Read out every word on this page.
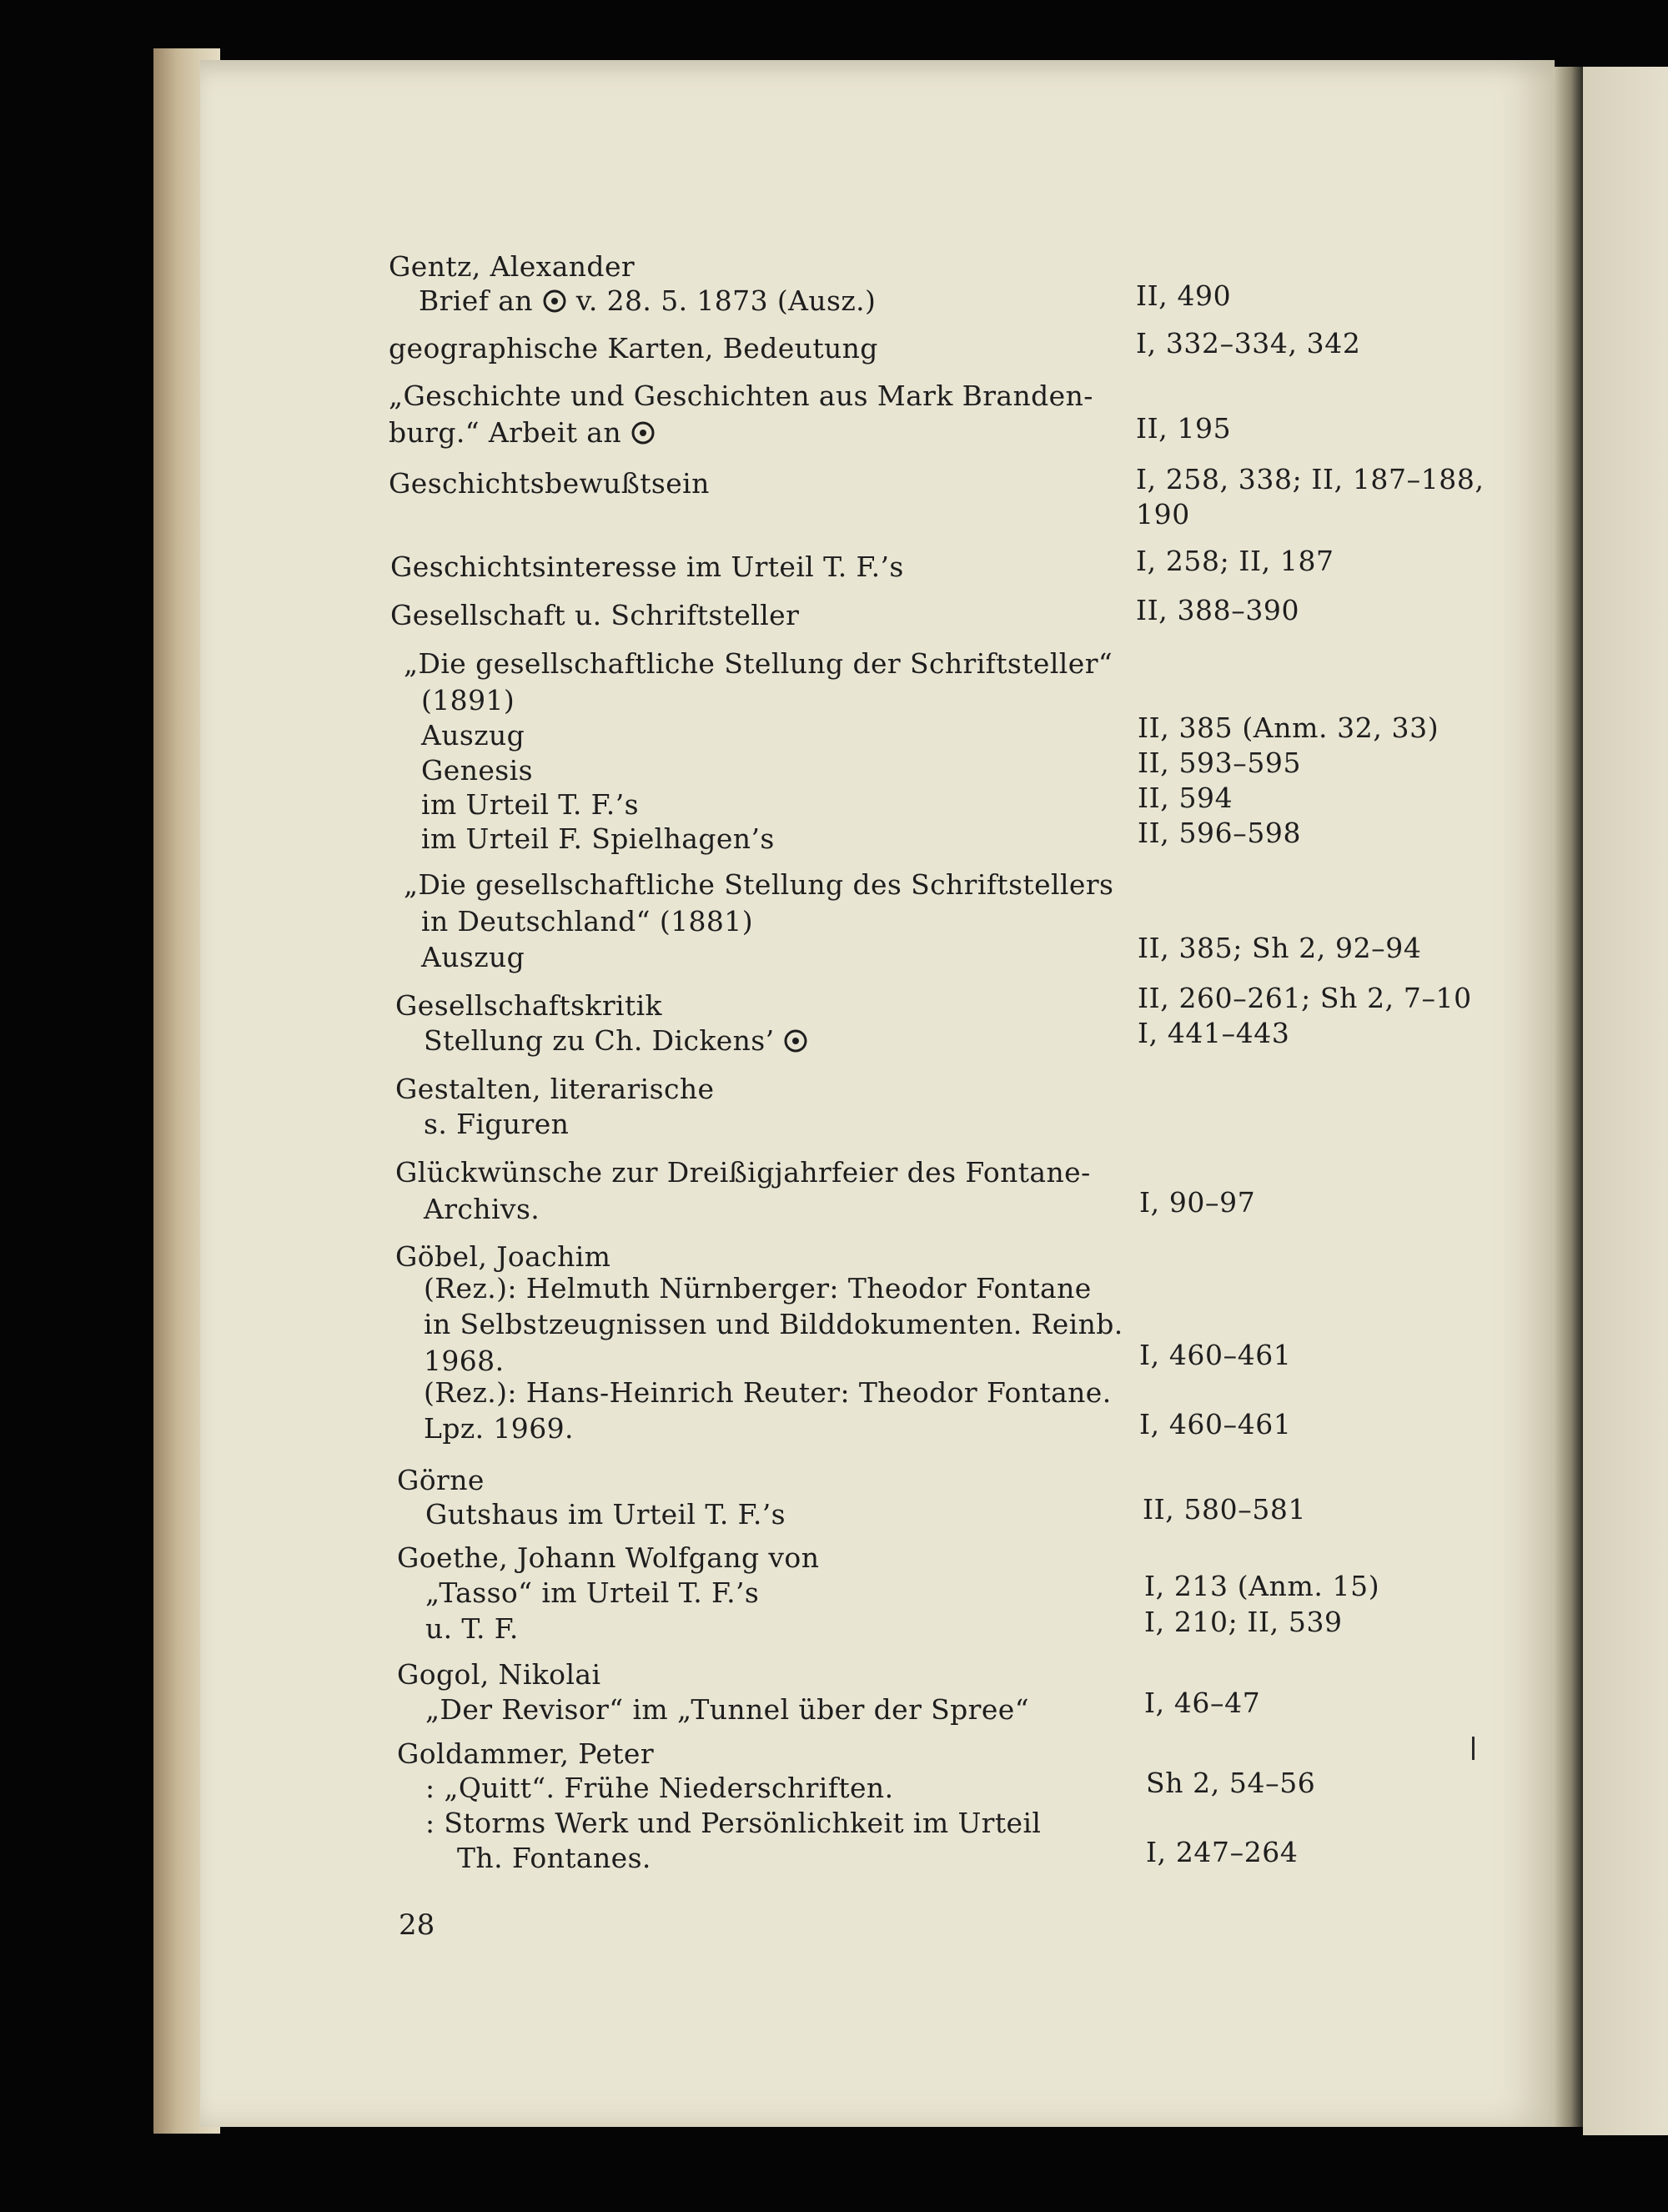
Gentz, Alexander
Brief an v. 28. 5. 1873 (Ausz.)
geographische Karten, Bedeutung
„Geschichte und Geschichten aus Mark Branden-
burg.“ Arbeit an
Geschichtsbewußtsein
Geschichtsinteresse im Urteil T. F.’s
Gesellschaft u. Schriftsteller
„Die gesellschaftliche Stellung der Schriftsteller“
(1891)
Auszug
Genesis
im Urteil T. F.’s
im Urteil F. Spielhagen’s
„Die gesellschaftliche Stellung des Schriftstellers
in Deutschland“ (1881)
Auszug
Gesellschaftskritik
Stellung zu Ch. Dickens’
Gestalten, literarische
s. Figuren
Glückwünsche zur Dreißigjahrfeier des Fontane-
Archivs.
Göbel, Joachim
(Rez.): Helmuth Nürnberger: Theodor Fontane
in Selbstzeugnissen und Bilddokumenten. Reinb.
1968.
(Rez.): Hans-Heinrich Reuter: Theodor Fontane.
Lpz. 1969.
Görne
Gutshaus im Urteil T. F.’s
Goethe, Johann Wolfgang von
„Tasso“ im Urteil T. F.’s
u. T. F.
Gogol, Nikolai
„Der Revisor“ im „Tunnel über der Spree“
Goldammer, Peter
: „Quitt“. Frühe Niederschriften.
: Storms Werk und Persönlichkeit im Urteil
Th. Fontanes.
II, 490
I, 332–334, 342
II, 195
I, 258, 338; II, 187–188,
190
I, 258; II, 187
II, 388–390
II, 385 (Anm. 32, 33)
II, 593–595
II, 594
II, 596–598
II, 385; Sh 2, 92–94
II, 260–261; Sh 2, 7–10
I, 441–443
I, 90–97
I, 460–461
I, 460–461
II, 580–581
I, 213 (Anm. 15)
I, 210; II, 539
I, 46–47
Sh 2, 54–56
I, 247–264
28
